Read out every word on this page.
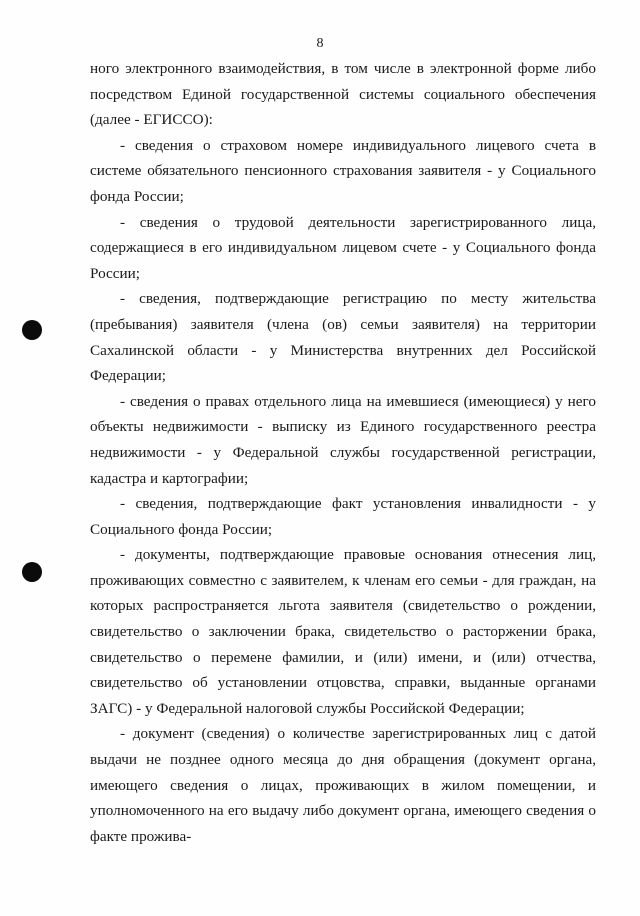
8

ного электронного взаимодействия, в том числе в электронной форме либо посредством Единой государственной системы социального обеспечения (далее - ЕГИССО):

- сведения о страховом номере индивидуального лицевого счета в системе обязательного пенсионного страхования заявителя - у Социального фонда России;

- сведения о трудовой деятельности зарегистрированного лица, содержащиеся в его индивидуальном лицевом счете - у Социального фонда России;

- сведения, подтверждающие регистрацию по месту жительства (пребывания) заявителя (члена (ов) семьи заявителя) на территории Сахалинской области - у Министерства внутренних дел Российской Федерации;

- сведения о правах отдельного лица на имевшиеся (имеющиеся) у него объекты недвижимости - выписку из Единого государственного реестра недвижимости - у Федеральной службы государственной регистрации, кадастра и картографии;

- сведения, подтверждающие факт установления инвалидности - у Социального фонда России;

- документы, подтверждающие правовые основания отнесения лиц, проживающих совместно с заявителем, к членам его семьи - для граждан, на которых распространяется льгота заявителя (свидетельство о рождении, свидетельство о заключении брака, свидетельство о расторжении брака, свидетельство о перемене фамилии, и (или) имени, и (или) отчества, свидетельство об установлении отцовства, справки, выданные органами ЗАГС) - у Федеральной налоговой службы Российской Федерации;

- документ (сведения) о количестве зарегистрированных лиц с датой выдачи не позднее одного месяца до дня обращения (документ органа, имеющего сведения о лицах, проживающих в жилом помещении, и уполномоченного на его выдачу либо документ органа, имеющего сведения о факте прожива-
